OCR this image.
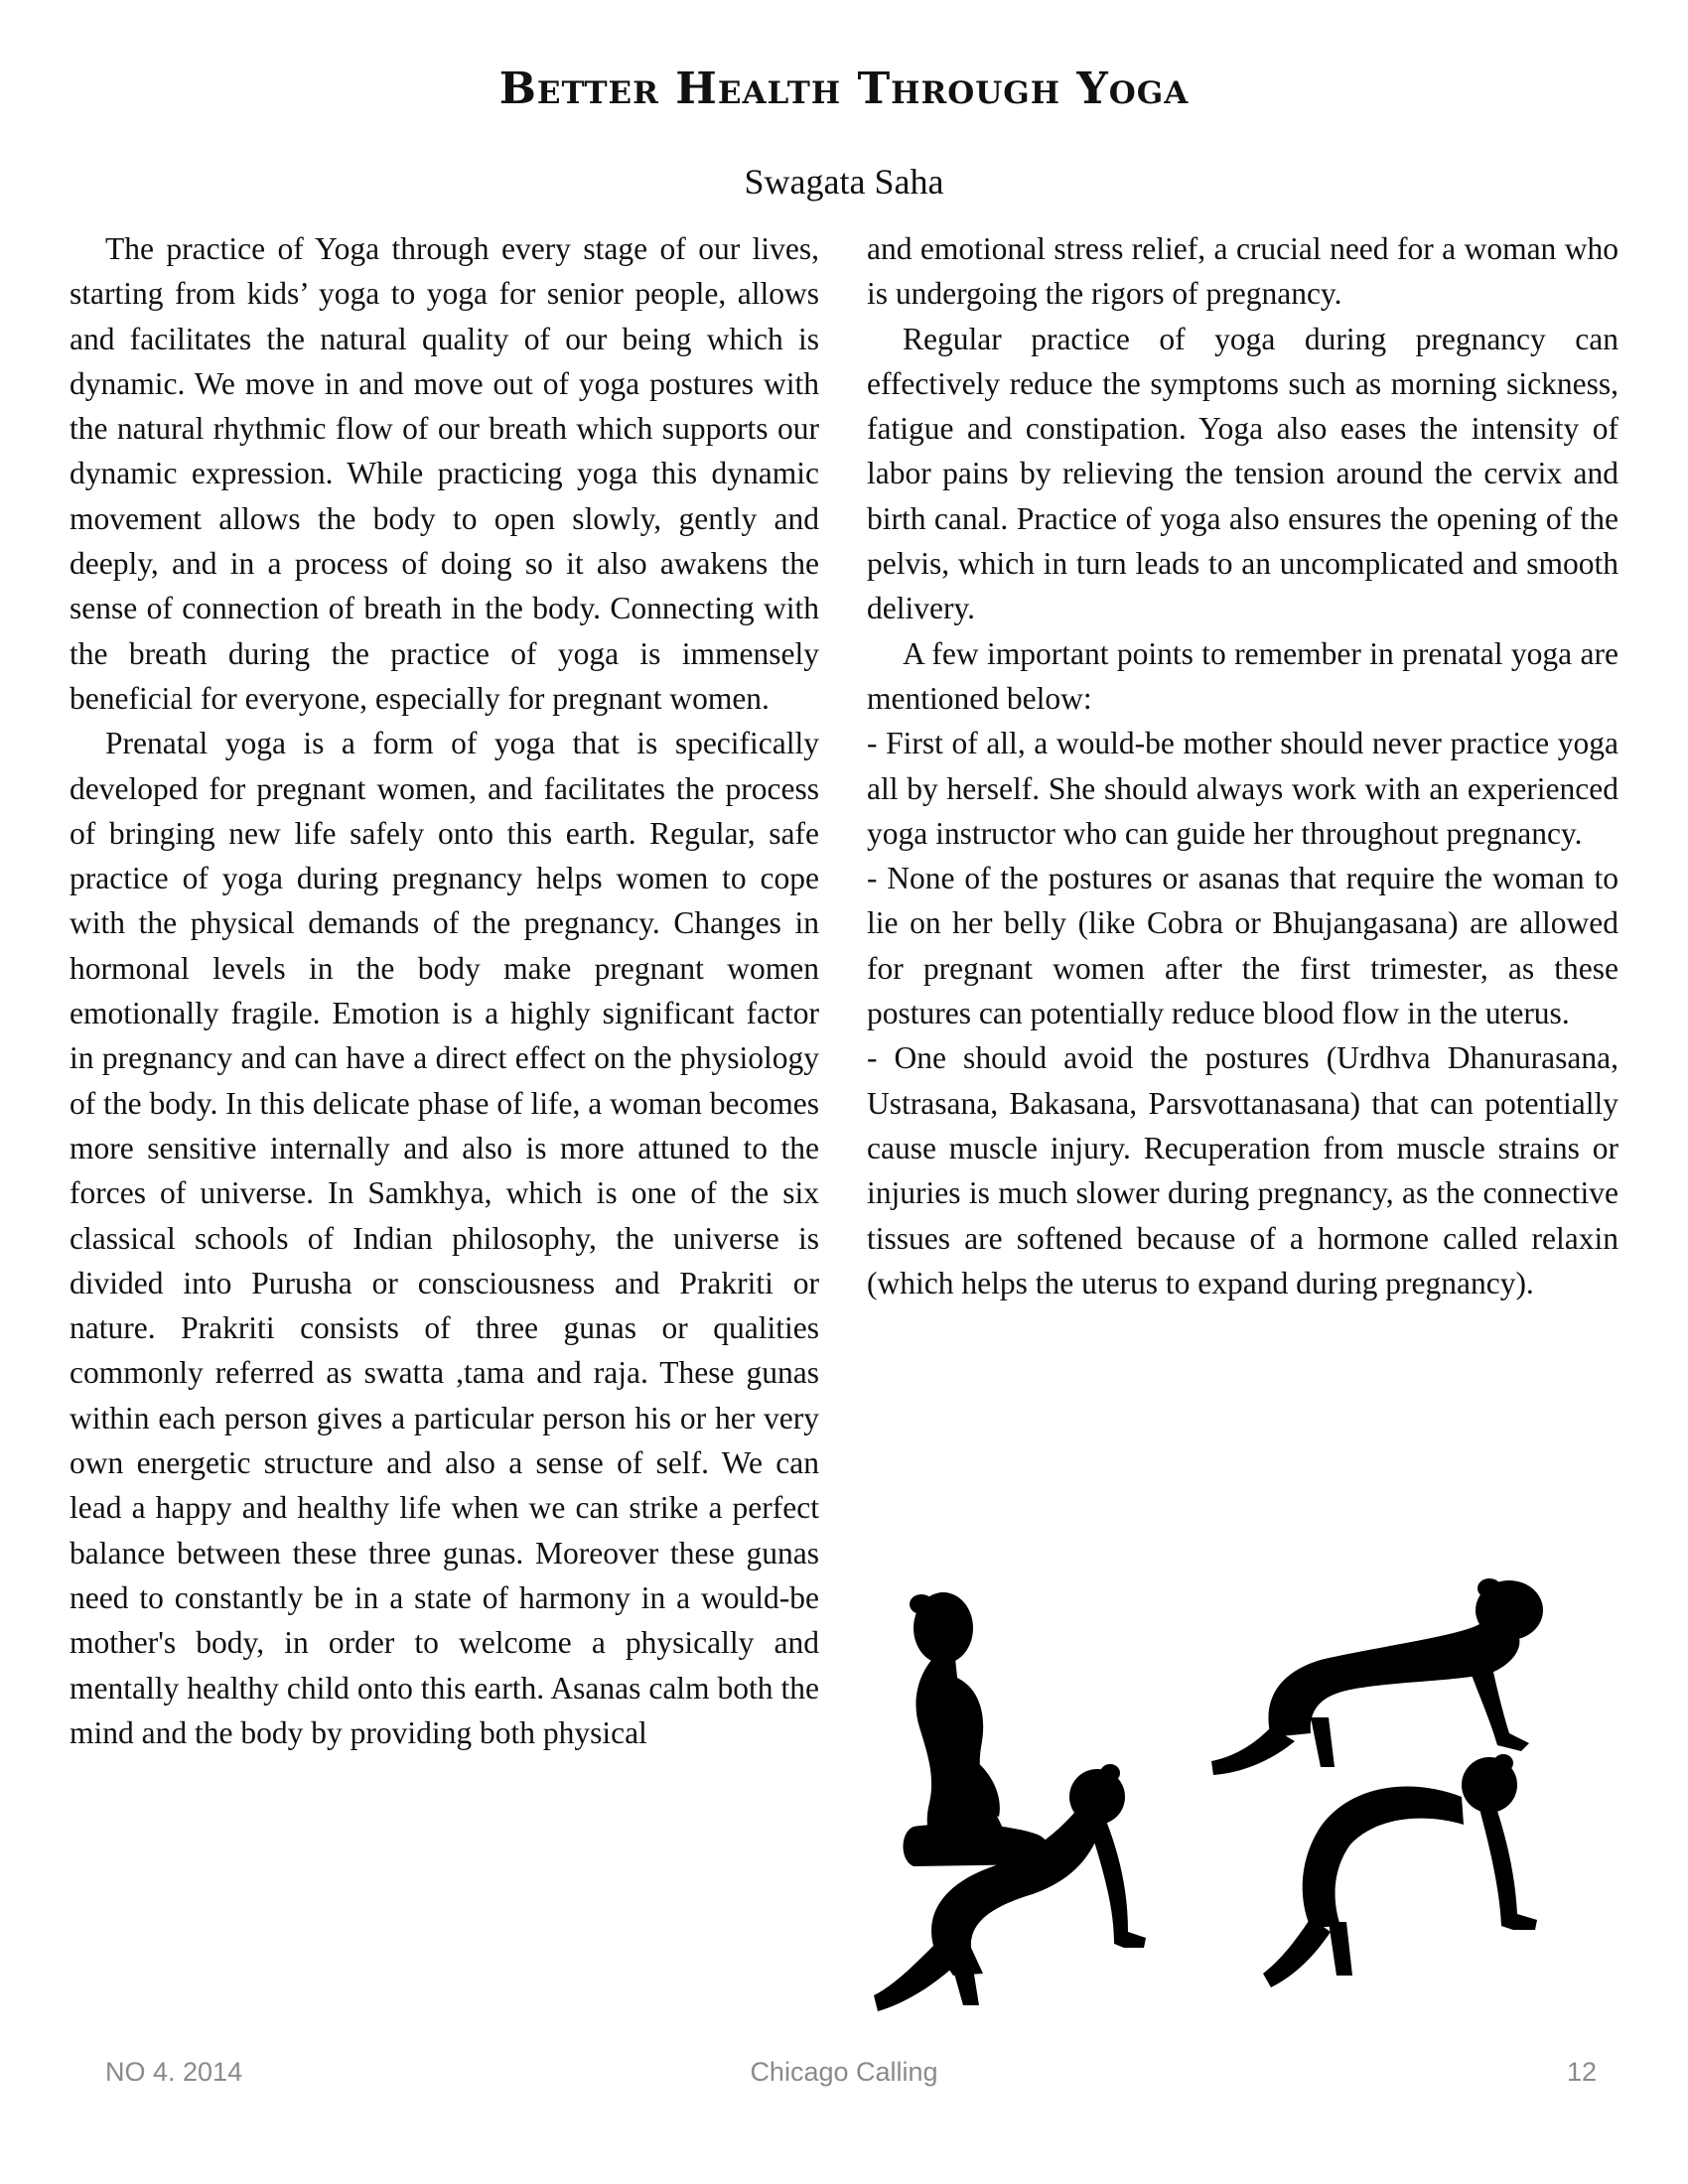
Better Health Through Yoga

Swagata Saha

The practice of Yoga through every stage of our lives, starting from kids’ yoga to yoga for senior people, allows and facilitates the natural quality of our being which is dynamic. We move in and move out of yoga postures with the natural rhythmic flow of our breath which supports our dynamic expression. While practicing yoga this dynamic movement allows the body to open slowly, gently and deeply, and in a process of doing so it also awakens the sense of connection of breath in the body. Connecting with the breath during the practice of yoga is immensely beneficial for everyone, especially for pregnant women.

Prenatal yoga is a form of yoga that is specifically developed for pregnant women, and facilitates the process of bringing new life safely onto this earth. Regular, safe practice of yoga during pregnancy helps women to cope with the physical demands of the pregnancy. Changes in hormonal levels in the body make pregnant women emotionally fragile. Emotion is a highly significant factor in pregnancy and can have a direct effect on the physiology of the body. In this delicate phase of life, a woman becomes more sensitive internally and also is more attuned to the forces of universe. In Samkhya, which is one of the six classical schools of Indian philosophy, the universe is divided into Purusha or consciousness and Prakriti or nature. Prakriti consists of three gunas or qualities commonly referred as swatta ,tama and raja. These gunas within each person gives a particular person his or her very own energetic structure and also a sense of self. We can lead a happy and healthy life when we can strike a perfect balance between these three gunas. Moreover these gunas need to constantly be in a state of harmony in a would-be mother's body, in order to welcome a physically and mentally healthy child onto this earth. Asanas calm both the mind and the body by providing both physical

and emotional stress relief, a crucial need for a woman who is undergoing the rigors of pregnancy.

Regular practice of yoga during pregnancy can effectively reduce the symptoms such as morning sickness, fatigue and constipation. Yoga also eases the intensity of labor pains by relieving the tension around the cervix and birth canal. Practice of yoga also ensures the opening of the pelvis, which in turn leads to an uncomplicated and smooth delivery.

A few important points to remember in prenatal yoga are mentioned below:

- First of all, a would-be mother should never practice yoga all by herself. She should always work with an experienced yoga instructor who can guide her throughout pregnancy.

- None of the postures or asanas that require the woman to lie on her belly (like Cobra or Bhujangasana) are allowed for pregnant women after the first trimester, as these postures can potentially reduce blood flow in the uterus.

- One should avoid the postures (Urdhva Dhanurasana, Ustrasana, Bakasana, Parsvottanasana) that can potentially cause muscle injury. Recuperation from muscle strains or injuries is much slower during pregnancy, as the connective tissues are softened because of a hormone called relaxin (which helps the uterus to expand during pregnancy).

NO 4. 2014	Chicago Calling	12
